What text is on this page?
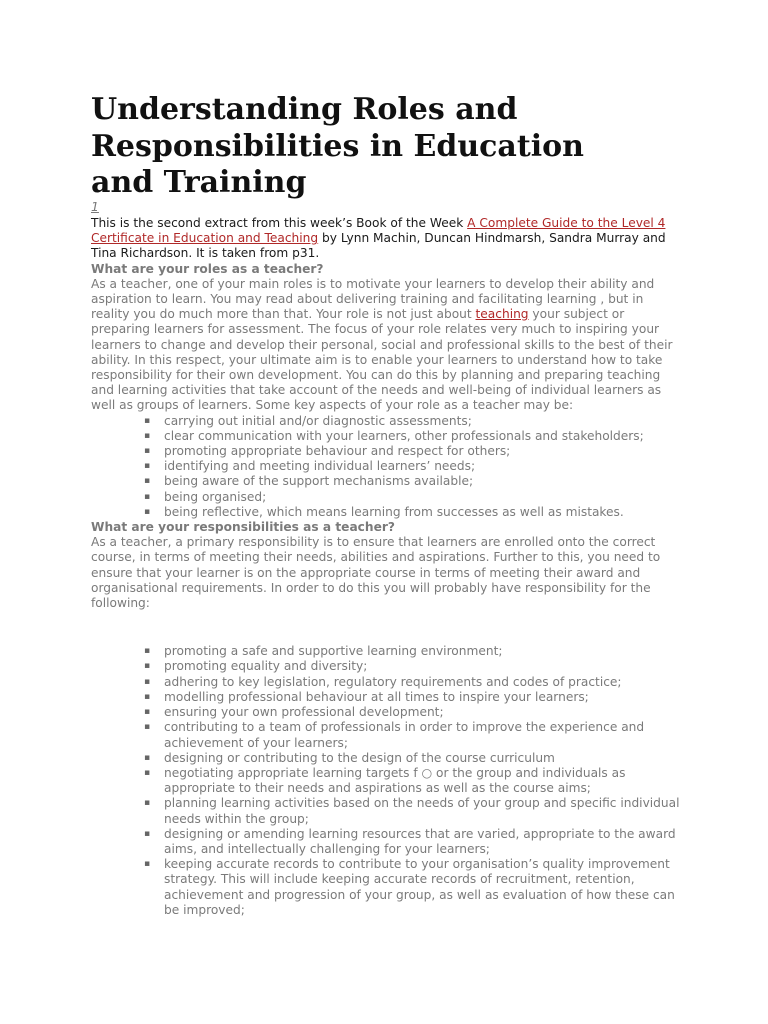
Understanding Roles and Responsibilities in Education and Training
1

This is the second extract from this week’s Book of the Week A Complete Guide to the Level 4 Certificate in Education and Teaching by Lynn Machin, Duncan Hindmarsh, Sandra Murray and Tina Richardson. It is taken from p31.

What are your roles as a teacher?

As a teacher, one of your main roles is to motivate your learners to develop their ability and aspiration to learn. You may read about delivering training and facilitating learning , but in reality you do much more than that. Your role is not just about teaching your subject or preparing learners for assessment. The focus of your role relates very much to inspiring your learners to change and develop their personal, social and professional skills to the best of their ability. In this respect, your ultimate aim is to enable your learners to understand how to take responsibility for their own development. You can do this by planning and preparing teaching and learning activities that take account of the needs and well-being of individual learners as well as groups of learners. Some key aspects of your role as a teacher may be:

▪ carrying out initial and/or diagnostic assessments;
▪ clear communication with your learners, other professionals and stakeholders;
▪ promoting appropriate behaviour and respect for others;
▪ identifying and meeting individual learners’ needs;
▪ being aware of the support mechanisms available;
▪ being organised;
▪ being reflective, which means learning from successes as well as mistakes.

What are your responsibilities as a teacher?

As a teacher, a primary responsibility is to ensure that learners are enrolled onto the correct course, in terms of meeting their needs, abilities and aspirations. Further to this, you need to ensure that your learner is on the appropriate course in terms of meeting their award and organisational requirements. In order to do this you will probably have responsibility for the following:

▪ promoting a safe and supportive learning environment;
▪ promoting equality and diversity;
▪ adhering to key legislation, regulatory requirements and codes of practice;
▪ modelling professional behaviour at all times to inspire your learners;
▪ ensuring your own professional development;
▪ contributing to a team of professionals in order to improve the experience and achievement of your learners;
▪ designing or contributing to the design of the course curriculum
▪ negotiating appropriate learning targets f ○ or the group and individuals as appropriate to their needs and aspirations as well as the course aims;
▪ planning learning activities based on the needs of your group and specific individual needs within the group;
▪ designing or amending learning resources that are varied, appropriate to the award aims, and intellectually challenging for your learners;
▪ keeping accurate records to contribute to your organisation’s quality improvement strategy. This will include keeping accurate records of recruitment, retention, achievement and progression of your group, as well as evaluation of how these can be improved;
